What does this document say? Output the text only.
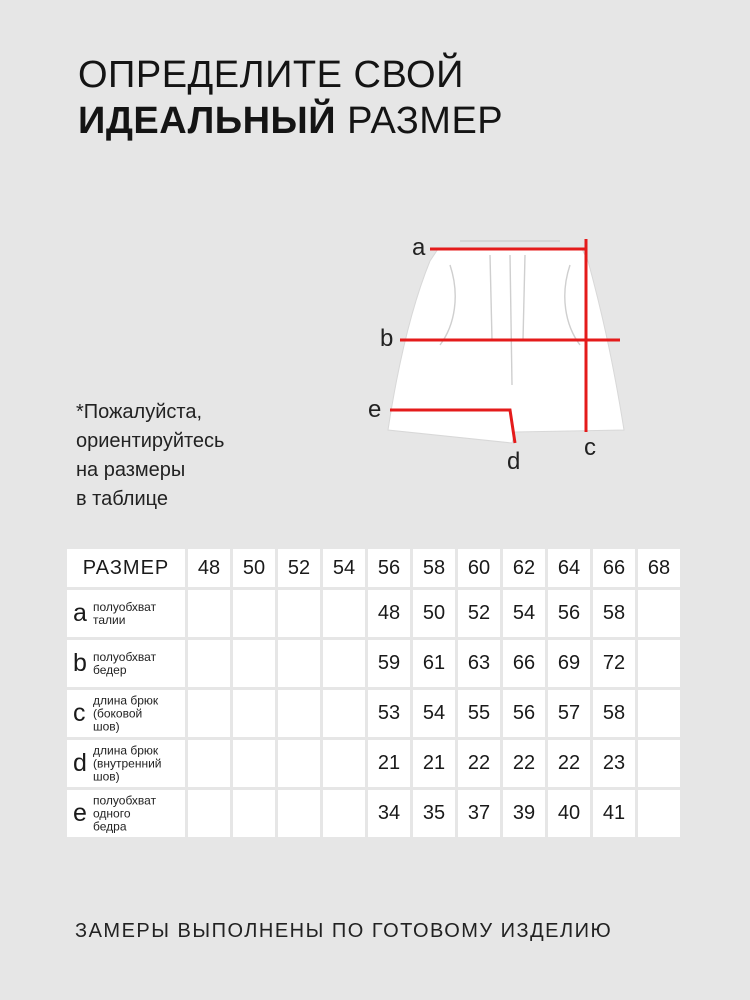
ОПРЕДЕЛИТЕ СВОЙ
ИДЕАЛЬНЫЙ РАЗМЕР
*Пожалуйста,
ориентируйтесь
на размеры
в таблице
a
b
c
d
e
РАЗМЕР	48	50	52	54	56	58	60	62	64	66	68

a полуобхват
талии					48	50	52	54	56	58	

b полуобхват
бедер					59	61	63	66	69	72	

c длина брюк
(боковой
шов)					53	54	55	56	57	58	

d длина брюк
(внутренний
шов)					21	21	22	22	22	23	

e полуобхват
одного
бедра					34	35	37	39	40	41	
ЗАМЕРЫ ВЫПОЛНЕНЫ ПО ГОТОВОМУ ИЗДЕЛИЮ
